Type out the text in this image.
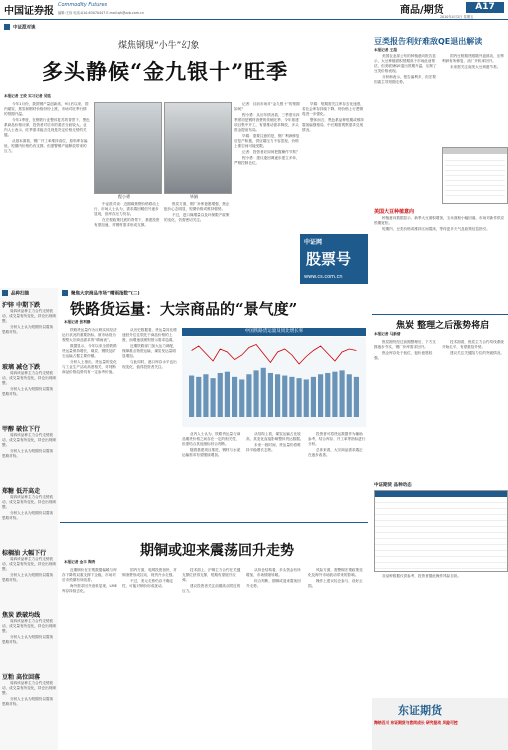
中国证券报
Commodity Futures
编辑:王伟 电话:010-63070447 E-mail:qh@zzb.com.cn	商品/期货	A17
2010年4月2日 星期五
中证派对谈
煤焦钢现“小牛”幻象
多头静候“金九银十”旺季
本报记者 王姣 实习记者 吴铭

今年1月份，我国钢产量创新高，9月后以来，国内煤炭、焦炭和钢材价格纷纷上涨，市场对旺季行情的预期升温。

今年1季度，在钢铁行业整体复苏的背景下，黑色系商品价格反弹，投资者对后市的看法分歧较大。业内人士表示，旺季需求能否兑现是决定价格走势的关键。

从基本面看，钢厂开工率维持高位，原料库存偏低，短期内价格仍有支撑，但需警惕产能释放带来的压力。

程小勇	毕娟

中证派对谈：近期煤焦钢价格联动上行，市场人士认为，需求端回暖信号逐步显现，但库存压力仍存。

在宏观政策托底的背景下，基建投资有望加速，对钢材需求形成支撑。

焦炭方面，钢厂补库意愿增强，焦企挺价心态明显，短期价格或维持强势。

不过，进口煤增量以及环保限产政策的变化，仍需密切关注。

记者：目前市场对“金九银十”的预期如何？

程小勇：从历年情况看，三季度末四季度初是钢材消费的传统旺季，今年基建项目集中开工，有望推动需求释放，多头资金提前布局。

毕娟：需要注意的是，钢厂利润修复后复产积极，供应端压力不容忽视，价格上涨空间可能受限。

记者：投资者应如何把握操作节奏？

程小勇：建议逢回调逐步建立多单，严格控制仓位。

毕娟：短期需关注库存去化速度，若社会库存持续下降，则价格上行逻辑将进一步强化。

整体而言，黑色系品种短期或维持震荡偏强格局，中长期需观察需求兑现情况。

中证网
股票号
www.cs.com.cn
品种扫描
沪锌 中期下跌

周四该品种主力合约走势波动，成交量有所变化，持仓出现调整。

分析人士认为短期仍以震荡思路对待。

玻璃 减仓下跌

周四该品种主力合约走势波动，成交量有所变化，持仓出现调整。

分析人士认为短期仍以震荡思路对待。

甲醇 破位下行

周四该品种主力合约走势波动，成交量有所变化，持仓出现调整。

分析人士认为短期仍以震荡思路对待。

郑糖 低开高走

周四该品种主力合约走势波动，成交量有所变化，持仓出现调整。

分析人士认为短期仍以震荡思路对待。

棕榈油 大幅下行

周四该品种主力合约走势波动，成交量有所变化，持仓出现调整。

分析人士认为短期仍以震荡思路对待。

焦炭 跌破均线

周四该品种主力合约走势波动，成交量有所变化，持仓出现调整。

分析人士认为短期仍以震荡思路对待。

豆粕 高位回落

周四该品种主力合约走势波动，成交量有所变化，持仓出现调整。

分析人士认为短期仍以震荡思路对待。

聚焦大宗商品市场“晴雨指数”(二)
铁路货运量：大宗商品的“景气度”
本报记者 张利静

铁路货运量作为反映实体经济运行状况的重要指标，被市场视为观察大宗商品需求的“晴雨表”。

数据显示，今年以来全国铁路货运量保持增长，煤炭、钢铁及矿石运输占据主要份额。

分析人士指出，货运量的变化与工业生产活动高度相关，对判断商品价格趋势具有一定参考价值。

从历史数据看，货运量同比增速回升往往领先于商品价格的上涨，而增速放缓则预示需求趋弱。

近期铁路部门加大运力调配，保障重点物资运输，煤炭发运量明显增加。

与此同时，港口库存水平也出现变化，值得投资者关注。

中国铁路货运量及同比增长率

业内人士认为，铁路货运量与商品期货价格之间存在一定的相关性，但需结合其他指标综合判断。

随着基建项目推进，钢材与水泥运输需求有望继续增加。

从结构上看，煤炭运输占比较高，其变化直接影响整体货运数据。

未来一段时间，货运量仍将维持平稳增长态势。

投资者可将货运数据作为辅助参考，结合库存、开工率等指标进行分析。

总体来看，大宗商品需求端正在逐步改善。

期铜或迎来震荡回升走势
本报记者 金丰 陶秀

近期铜价在宏观数据偏暖与库存下降的双重支撑下企稳，市场对后市预期有所改善。

海外需求回升迹象显现，LME库存持续去化。

国内方面，电网投资加快，对铜消费形成拉动，现货升水走强。

不过，美元走势仍存不确定性，可能对铜价形成扰动。

技术面上，沪铜主力合约在关键支撑位获得支撑，短期有望展开反弹。

建议投资者关注前期高点附近的压力。

从持仓结构看，多头资金有所增加，市场情绪转暖。

综合判断，期铜或迎来震荡回升走势。

风险方面，需警惕宏观政策变化及海外市场波动带来的影响。

操作上建议轻仓参与，设好止损。

豆类报告利好难敌QE退出解读
本报记者 王超

美国农业部公布的种植意向报告显示，大豆种植面积预期高于市场此前预估，但美联储QE退出预期升温，压制了豆类价格表现。

分析师表示，报告偏利多，但宏观因素主导短期走势。

国内豆粕期货跟随外盘波动，压榨利润有所修复，油厂开机率回升。

未来需关注南美大豆到港节奏。

美国大豆种植意向

种植意向数据显示，新季大豆面积增加，玉米面积小幅回落，市场对新作供应预期宽松。

短期内，豆类价格或维持区间震荡，等待更多天气及政策信息指引。

焦炭 整理之后涨势将启
本报记者 马新倩

焦炭期货经过前期整理后，下方支撑逐步夯实，钢厂补库需求回升。

焦企库存处于低位，挺价意愿较强。

技术面看，焦炭主力合约均线系统开始走平，有望重拾升势。

建议关注关键阻力位的突破情况。

中证期货 品种动态

各品种数据仅供参考，投资者据此操作风险自担。

东证期货
海纳百川 东证期货与您同成长 研究驱动 风险可控
